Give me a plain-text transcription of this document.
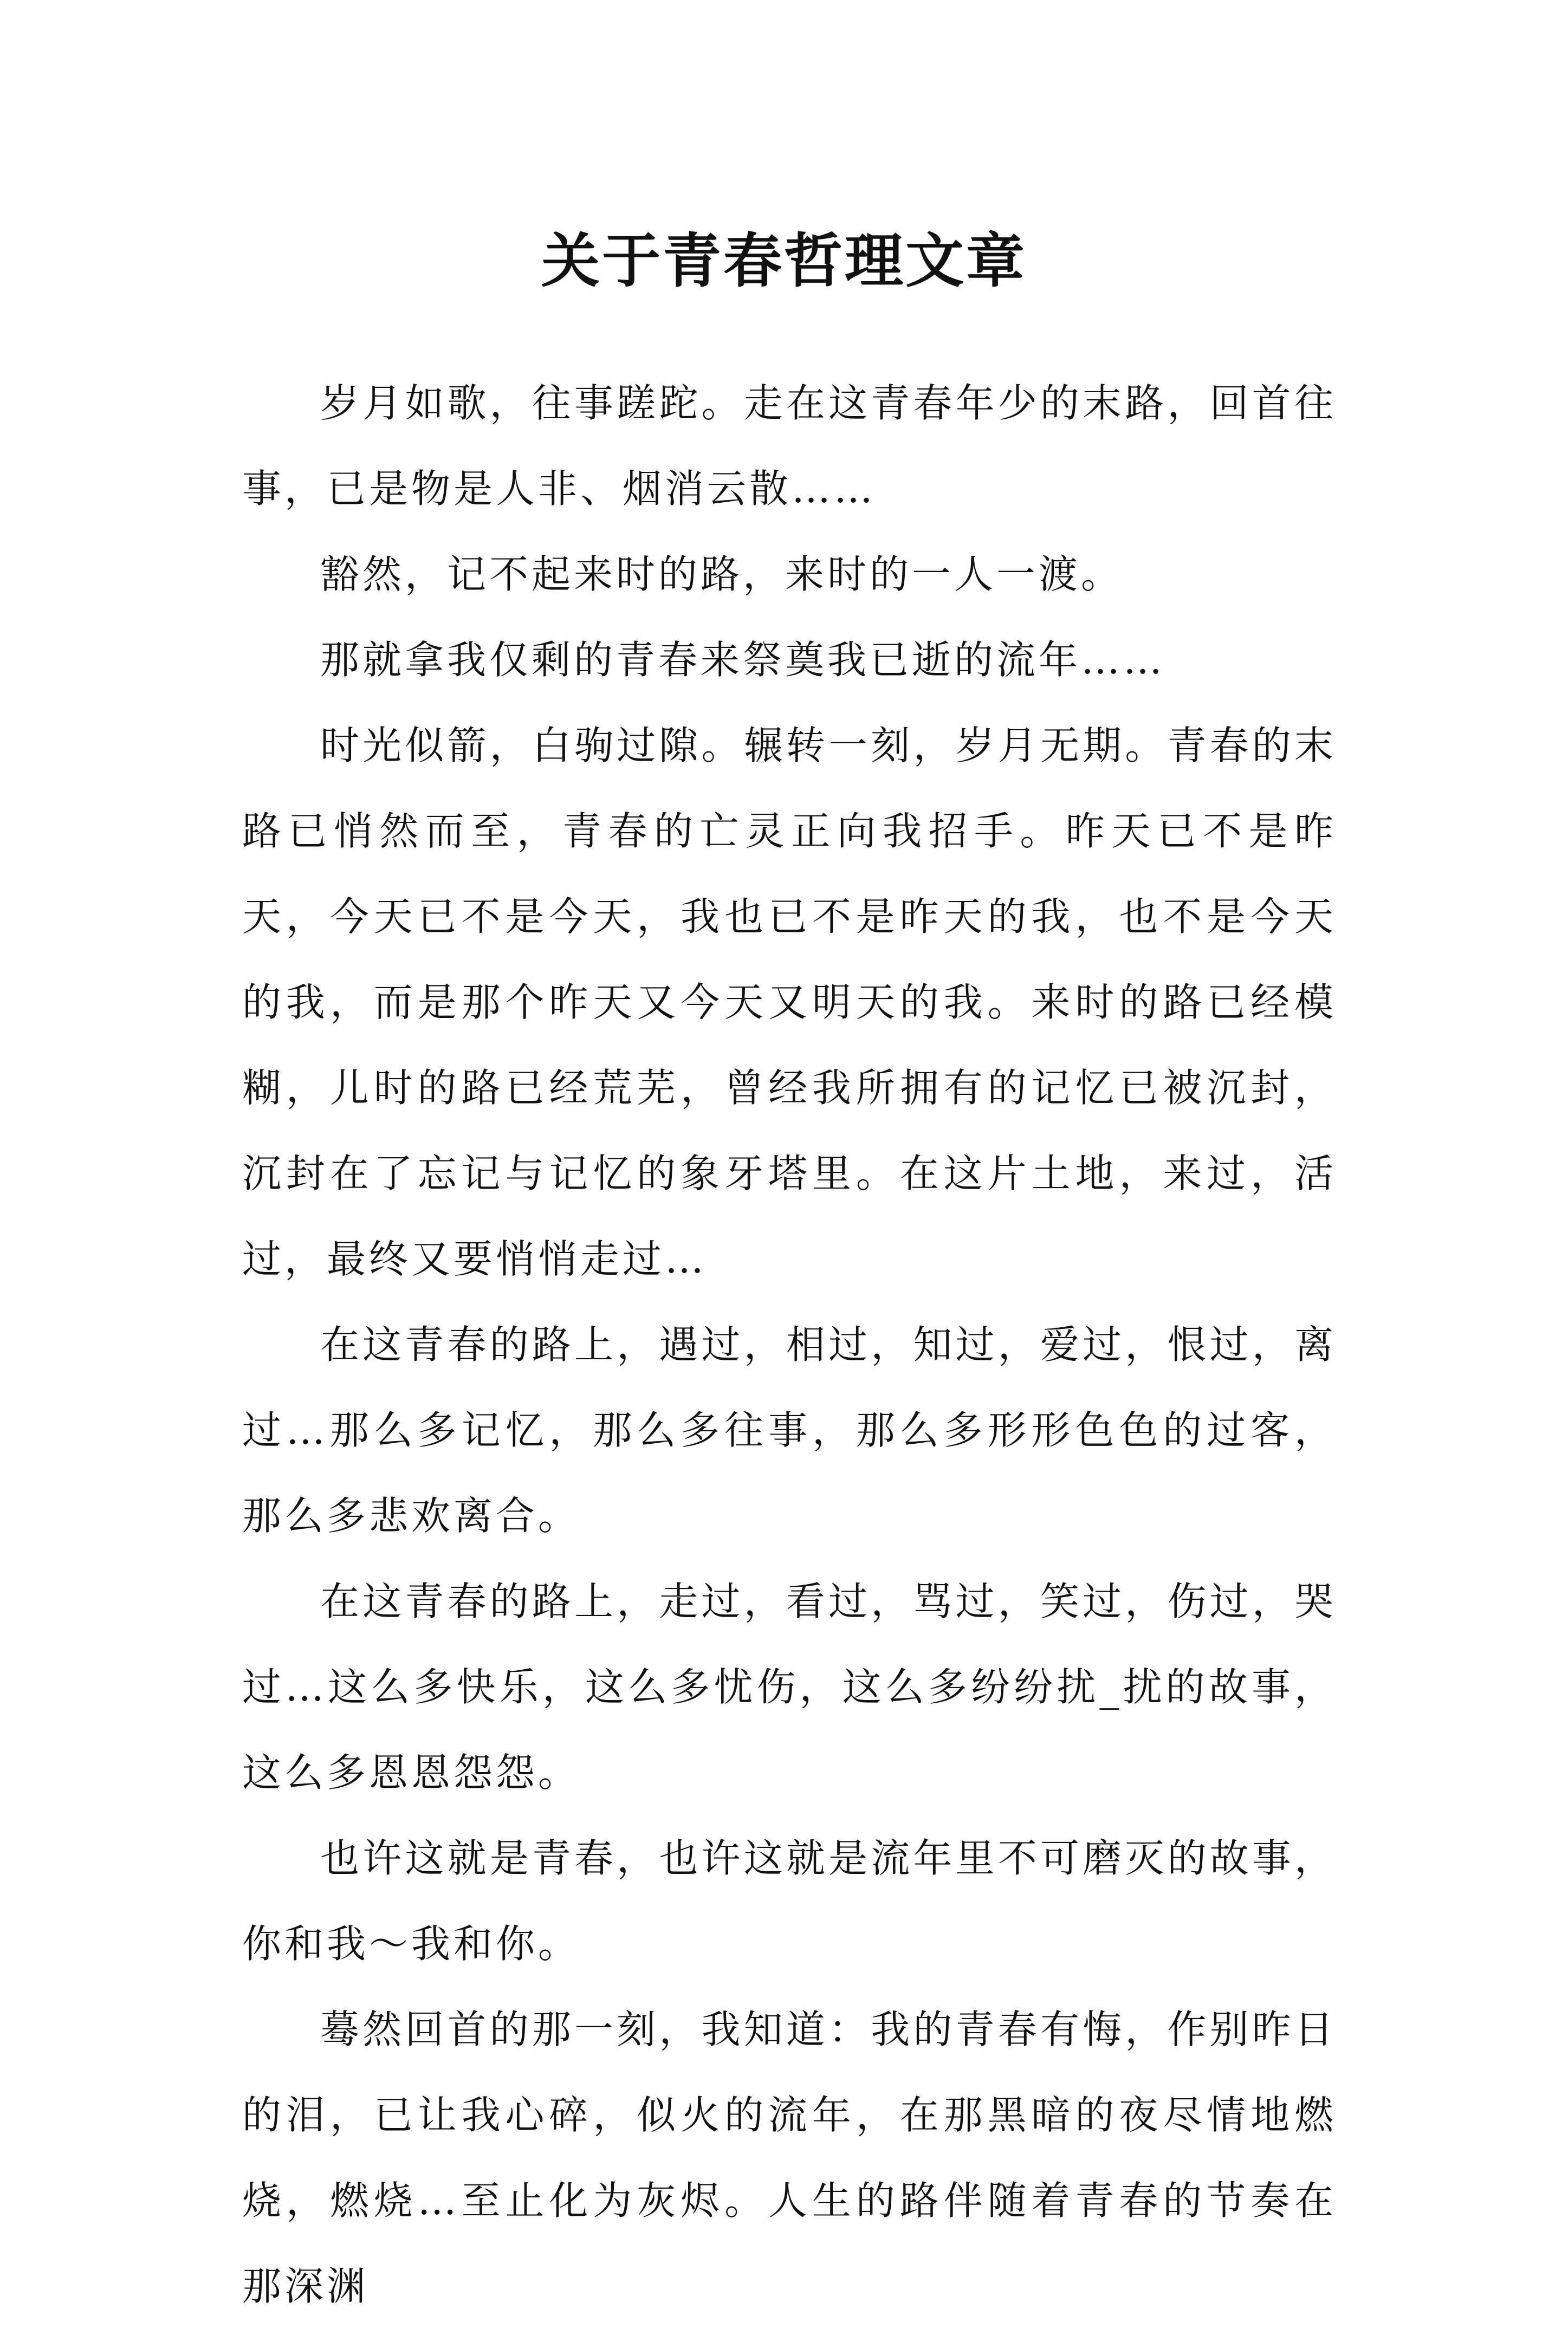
关于青春哲理文章

岁月如歌，往事蹉跎。走在这青春年少的末路，回首往事，已是物是人非、烟消云散……

豁然，记不起来时的路，来时的一人一渡。

那就拿我仅剩的青春来祭奠我已逝的流年……

时光似箭，白驹过隙。辗转一刻，岁月无期。青春的末路已悄然而至，青春的亡灵正向我招手。昨天已不是昨天，今天已不是今天，我也已不是昨天的我，也不是今天的我，而是那个昨天又今天又明天的我。来时的路已经模糊，儿时的路已经荒芜，曾经我所拥有的记忆已被沉封，沉封在了忘记与记忆的象牙塔里。在这片土地，来过，活过，最终又要悄悄走过…

在这青春的路上，遇过，相过，知过，爱过，恨过，离过…那么多记忆，那么多往事，那么多形形色色的过客，那么多悲欢离合。

在这青春的路上，走过，看过，骂过，笑过，伤过，哭过…这么多快乐，这么多忧伤，这么多纷纷扰_扰的故事，这么多恩恩怨怨。

也许这就是青春，也许这就是流年里不可磨灭的故事，你和我～我和你。

蓦然回首的那一刻，我知道：我的青春有悔，作别昨日的泪，已让我心碎，似火的流年，在那黑暗的夜尽情地燃烧，燃烧…至止化为灰烬。人生的路伴随着青春的节奏在那深渊
